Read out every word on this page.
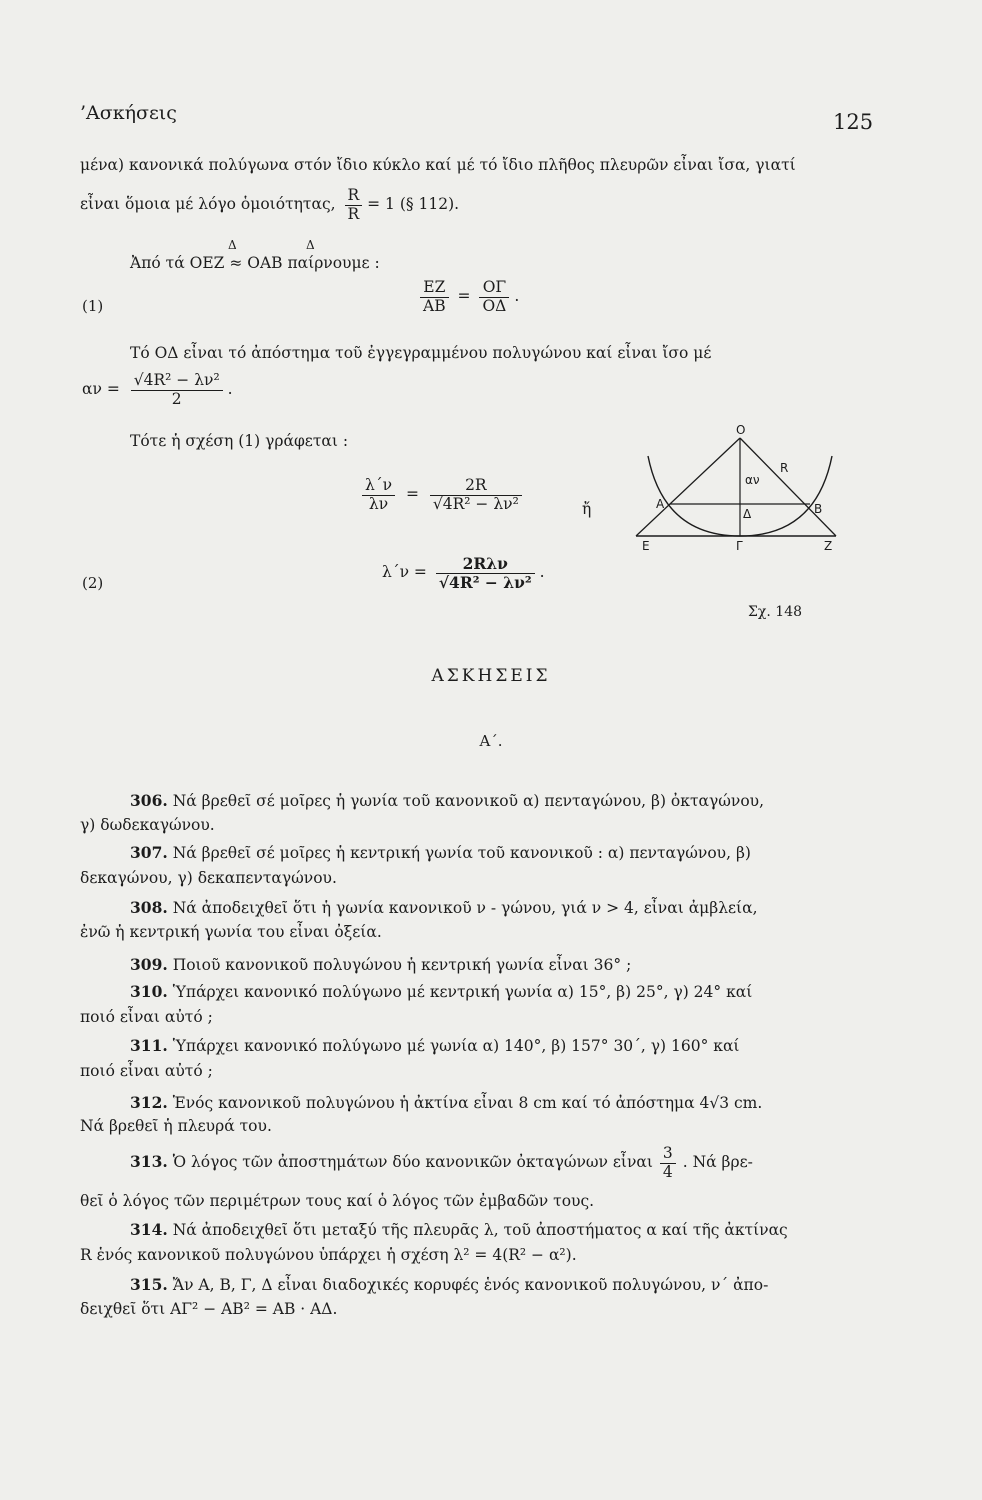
’Ασκήσεις	125
μένα) κανονικά πολύγωνα στόν ἴδιο κύκλο καί μέ τό ἴδιο πλῆθος πλευρῶν εἶναι ἴσα, γιατί
εἶναι ὅμοια μέ λόγο ὁμοιότητας, $\frac{R}{R} = 1$ (§ 112).
Δ	Δ
Ἀπό τά ΟΕΖ ≈ ΟΑΒ παίρνουμε :
(1)	$\frac{EZ}{AB} = \frac{O\Gamma}{O\Delta}$ .
Τό ΟΔ εἶναι τό ἀπόστημα τοῦ ἐγγεγραμμένου πολυγώνου καί εἶναι ἴσο μέ
$\alpha\nu = \frac{\text{√4R² − λν²}}{2}$ .
Τότε ἡ σχέση (1) γράφεται :
$\frac{\lambda΄\nu}{\lambda\nu} = \frac{2R}{\text{√4R² − λν²}}$	ἤ
(2)
$\lambda΄\nu = \frac{\text{2Rλν}}{\text{√4R² − λν²}}$ .
Ο
R
αν
Α	Β
Δ
Ε	Γ	Ζ
Σχ. 148
ΑΣΚΗΣΕΙΣ
Α΄.
306. Νά βρεθεῖ σέ μοῖρες ἡ γωνία τοῦ κανονικοῦ α) πενταγώνου, β) ὀκταγώνου,
γ) δωδεκαγώνου.
307. Νά βρεθεῖ σέ μοῖρες ἡ κεντρική γωνία τοῦ κανονικοῦ : α) πενταγώνου, β)
δεκαγώνου, γ) δεκαπενταγώνου.
308. Νά ἀποδειχθεῖ ὅτι ἡ γωνία κανονικοῦ ν - γώνου, γιά ν > 4, εἶναι ἀμβλεία,
ἐνῶ ἡ κεντρική γωνία του εἶναι ὀξεία.
309. Ποιοῦ κανονικοῦ πολυγώνου ἡ κεντρική γωνία εἶναι 36° ;
310. Ὑπάρχει κανονικό πολύγωνο μέ κεντρική γωνία α) 15°, β) 25°, γ) 24° καί
ποιό εἶναι αὐτό ;
311. Ὑπάρχει κανονικό πολύγωνο μέ γωνία α) 140°, β) 157° 30΄, γ) 160° καί
ποιό εἶναι αὐτό ;
312. Ἑνός κανονικοῦ πολυγώνου ἡ ἀκτίνα εἶναι 8 cm καί τό ἀπόστημα 4√3 cm.
Νά βρεθεῖ ἡ πλευρά του.
313. Ὁ λόγος τῶν ἀποστημάτων δύο κανονικῶν ὀκταγώνων εἶναι $\frac{3}{4}$ . Νά βρε-
θεῖ ὁ λόγος τῶν περιμέτρων τους καί ὁ λόγος τῶν ἐμβαδῶν τους.
314. Νά ἀποδειχθεῖ ὅτι μεταξύ τῆς πλευρᾶς λ, τοῦ ἀποστήματος α καί τῆς ἀκτίνας
R ἑνός κανονικοῦ πολυγώνου ὑπάρχει ἡ σχέση λ² = 4(R² − α²).
315. Ἄν Α, Β, Γ, Δ εἶναι διαδοχικές κορυφές ἑνός κανονικοῦ πολυγώνου, ν΄ ἀπο-
δειχθεῖ ὅτι ΑΓ² − ΑΒ² = ΑΒ · ΑΔ.
